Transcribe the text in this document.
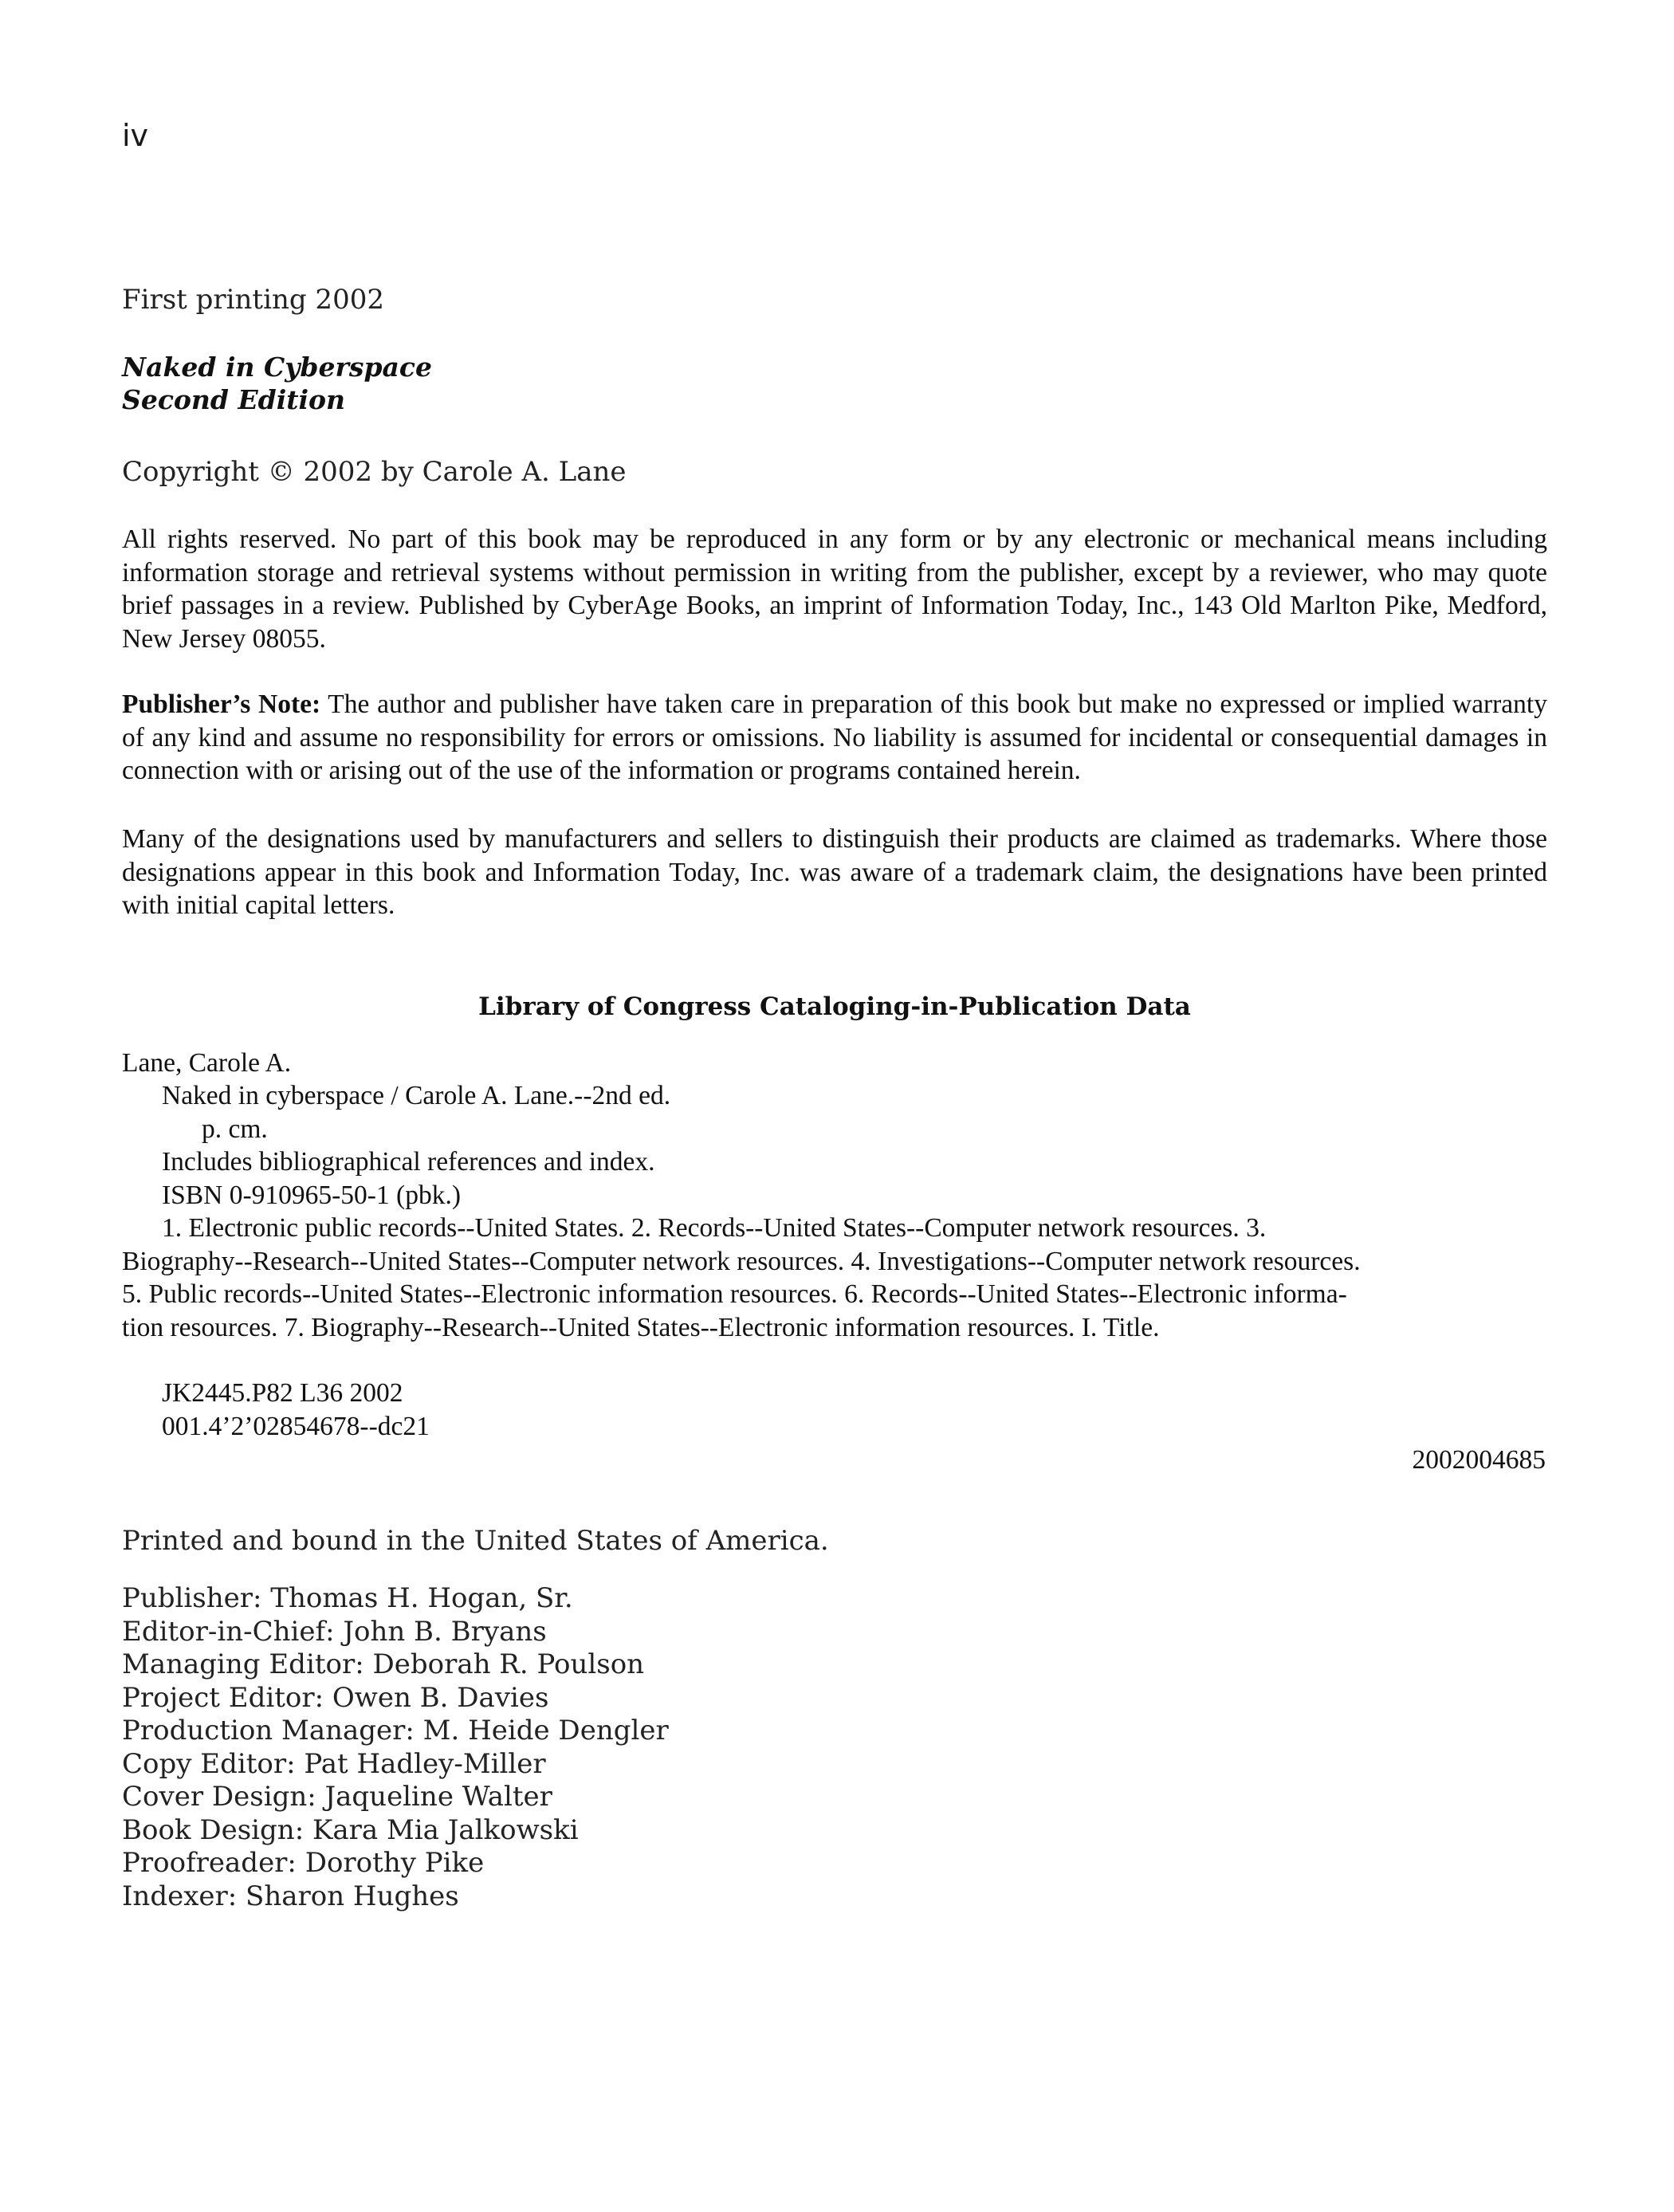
iv
First printing 2002
Naked in Cyberspace
Second Edition
Copyright © 2002 by Carole A. Lane
All rights reserved. No part of this book may be reproduced in any form or by any electronic or mechanical means including information storage and retrieval systems without permission in writing from the publisher, except by a reviewer, who may quote brief passages in a review. Published by CyberAge Books, an imprint of Information Today, Inc., 143 Old Marlton Pike, Medford, New Jersey 08055.
Publisher’s Note: The author and publisher have taken care in preparation of this book but make no expressed or implied warranty of any kind and assume no responsibility for errors or omissions. No liability is assumed for incidental or consequential damages in connection with or arising out of the use of the information or programs contained herein.
Many of the designations used by manufacturers and sellers to distinguish their products are claimed as trademarks. Where those designations appear in this book and Information Today, Inc. was aware of a trademark claim, the designations have been printed with initial capital letters.
Library of Congress Cataloging-in-Publication Data
Lane, Carole A.
Naked in cyberspace / Carole A. Lane.--2nd ed.
p. cm.
Includes bibliographical references and index.
ISBN 0-910965-50-1 (pbk.)
1. Electronic public records--United States. 2. Records--United States--Computer network resources. 3.
Biography--Research--United States--Computer network resources. 4. Investigations--Computer network resources.
5. Public records--United States--Electronic information resources. 6. Records--United States--Electronic informa-
tion resources. 7. Biography--Research--United States--Electronic information resources. I. Title.
JK2445.P82 L36 2002
001.4’2’02854678--dc21
2002004685
Printed and bound in the United States of America.
Publisher: Thomas H. Hogan, Sr.
Editor-in-Chief: John B. Bryans
Managing Editor: Deborah R. Poulson
Project Editor: Owen B. Davies
Production Manager: M. Heide Dengler
Copy Editor: Pat Hadley-Miller
Cover Design: Jaqueline Walter
Book Design: Kara Mia Jalkowski
Proofreader: Dorothy Pike
Indexer: Sharon Hughes
